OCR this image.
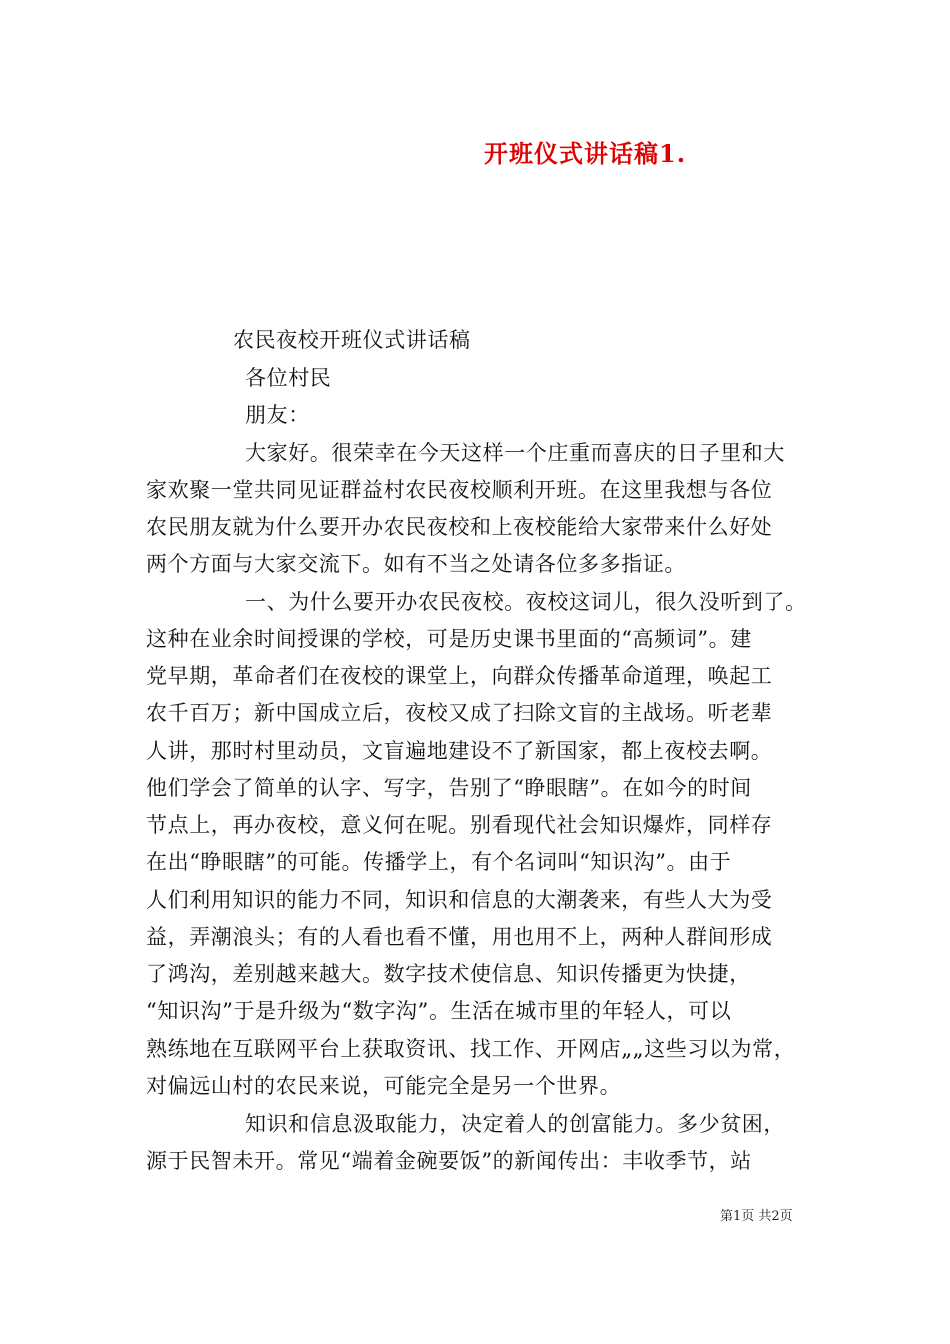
开班仪式讲话稿1.
农民夜校开班仪式讲话稿
各位村民
朋友：
大家好。很荣幸在今天这样一个庄重而喜庆的日子里和大
家欢聚一堂共同见证群益村农民夜校顺利开班。在这里我想与各位
农民朋友就为什么要开办农民夜校和上夜校能给大家带来什么好处
两个方面与大家交流下。如有不当之处请各位多多指证。
一、为什么要开办农民夜校。夜校这词儿，很久没听到了。
这种在业余时间授课的学校，可是历史课书里面的“高频词”。建
党早期，革命者们在夜校的课堂上，向群众传播革命道理，唤起工
农千百万；新中国成立后，夜校又成了扫除文盲的主战场。听老辈
人讲，那时村里动员，文盲遍地建设不了新国家，都上夜校去啊。
他们学会了简单的认字、写字，告别了“睁眼瞎”。在如今的时间
节点上，再办夜校，意义何在呢。别看现代社会知识爆炸，同样存
在出“睁眼瞎”的可能。传播学上，有个名词叫“知识沟”。由于
人们利用知识的能力不同，知识和信息的大潮袭来，有些人大为受
益，弄潮浪头；有的人看也看不懂，用也用不上，两种人群间形成
了鸿沟，差别越来越大。数字技术使信息、知识传播更为快捷，
“知识沟”于是升级为“数字沟”。生活在城市里的年轻人，可以
熟练地在互联网平台上获取资讯、找工作、开网店„„这些习以为常，
对偏远山村的农民来说，可能完全是另一个世界。
知识和信息汲取能力，决定着人的创富能力。多少贫困，
源于民智未开。常见“端着金碗要饭”的新闻传出：丰收季节，站
第1页 共2页
